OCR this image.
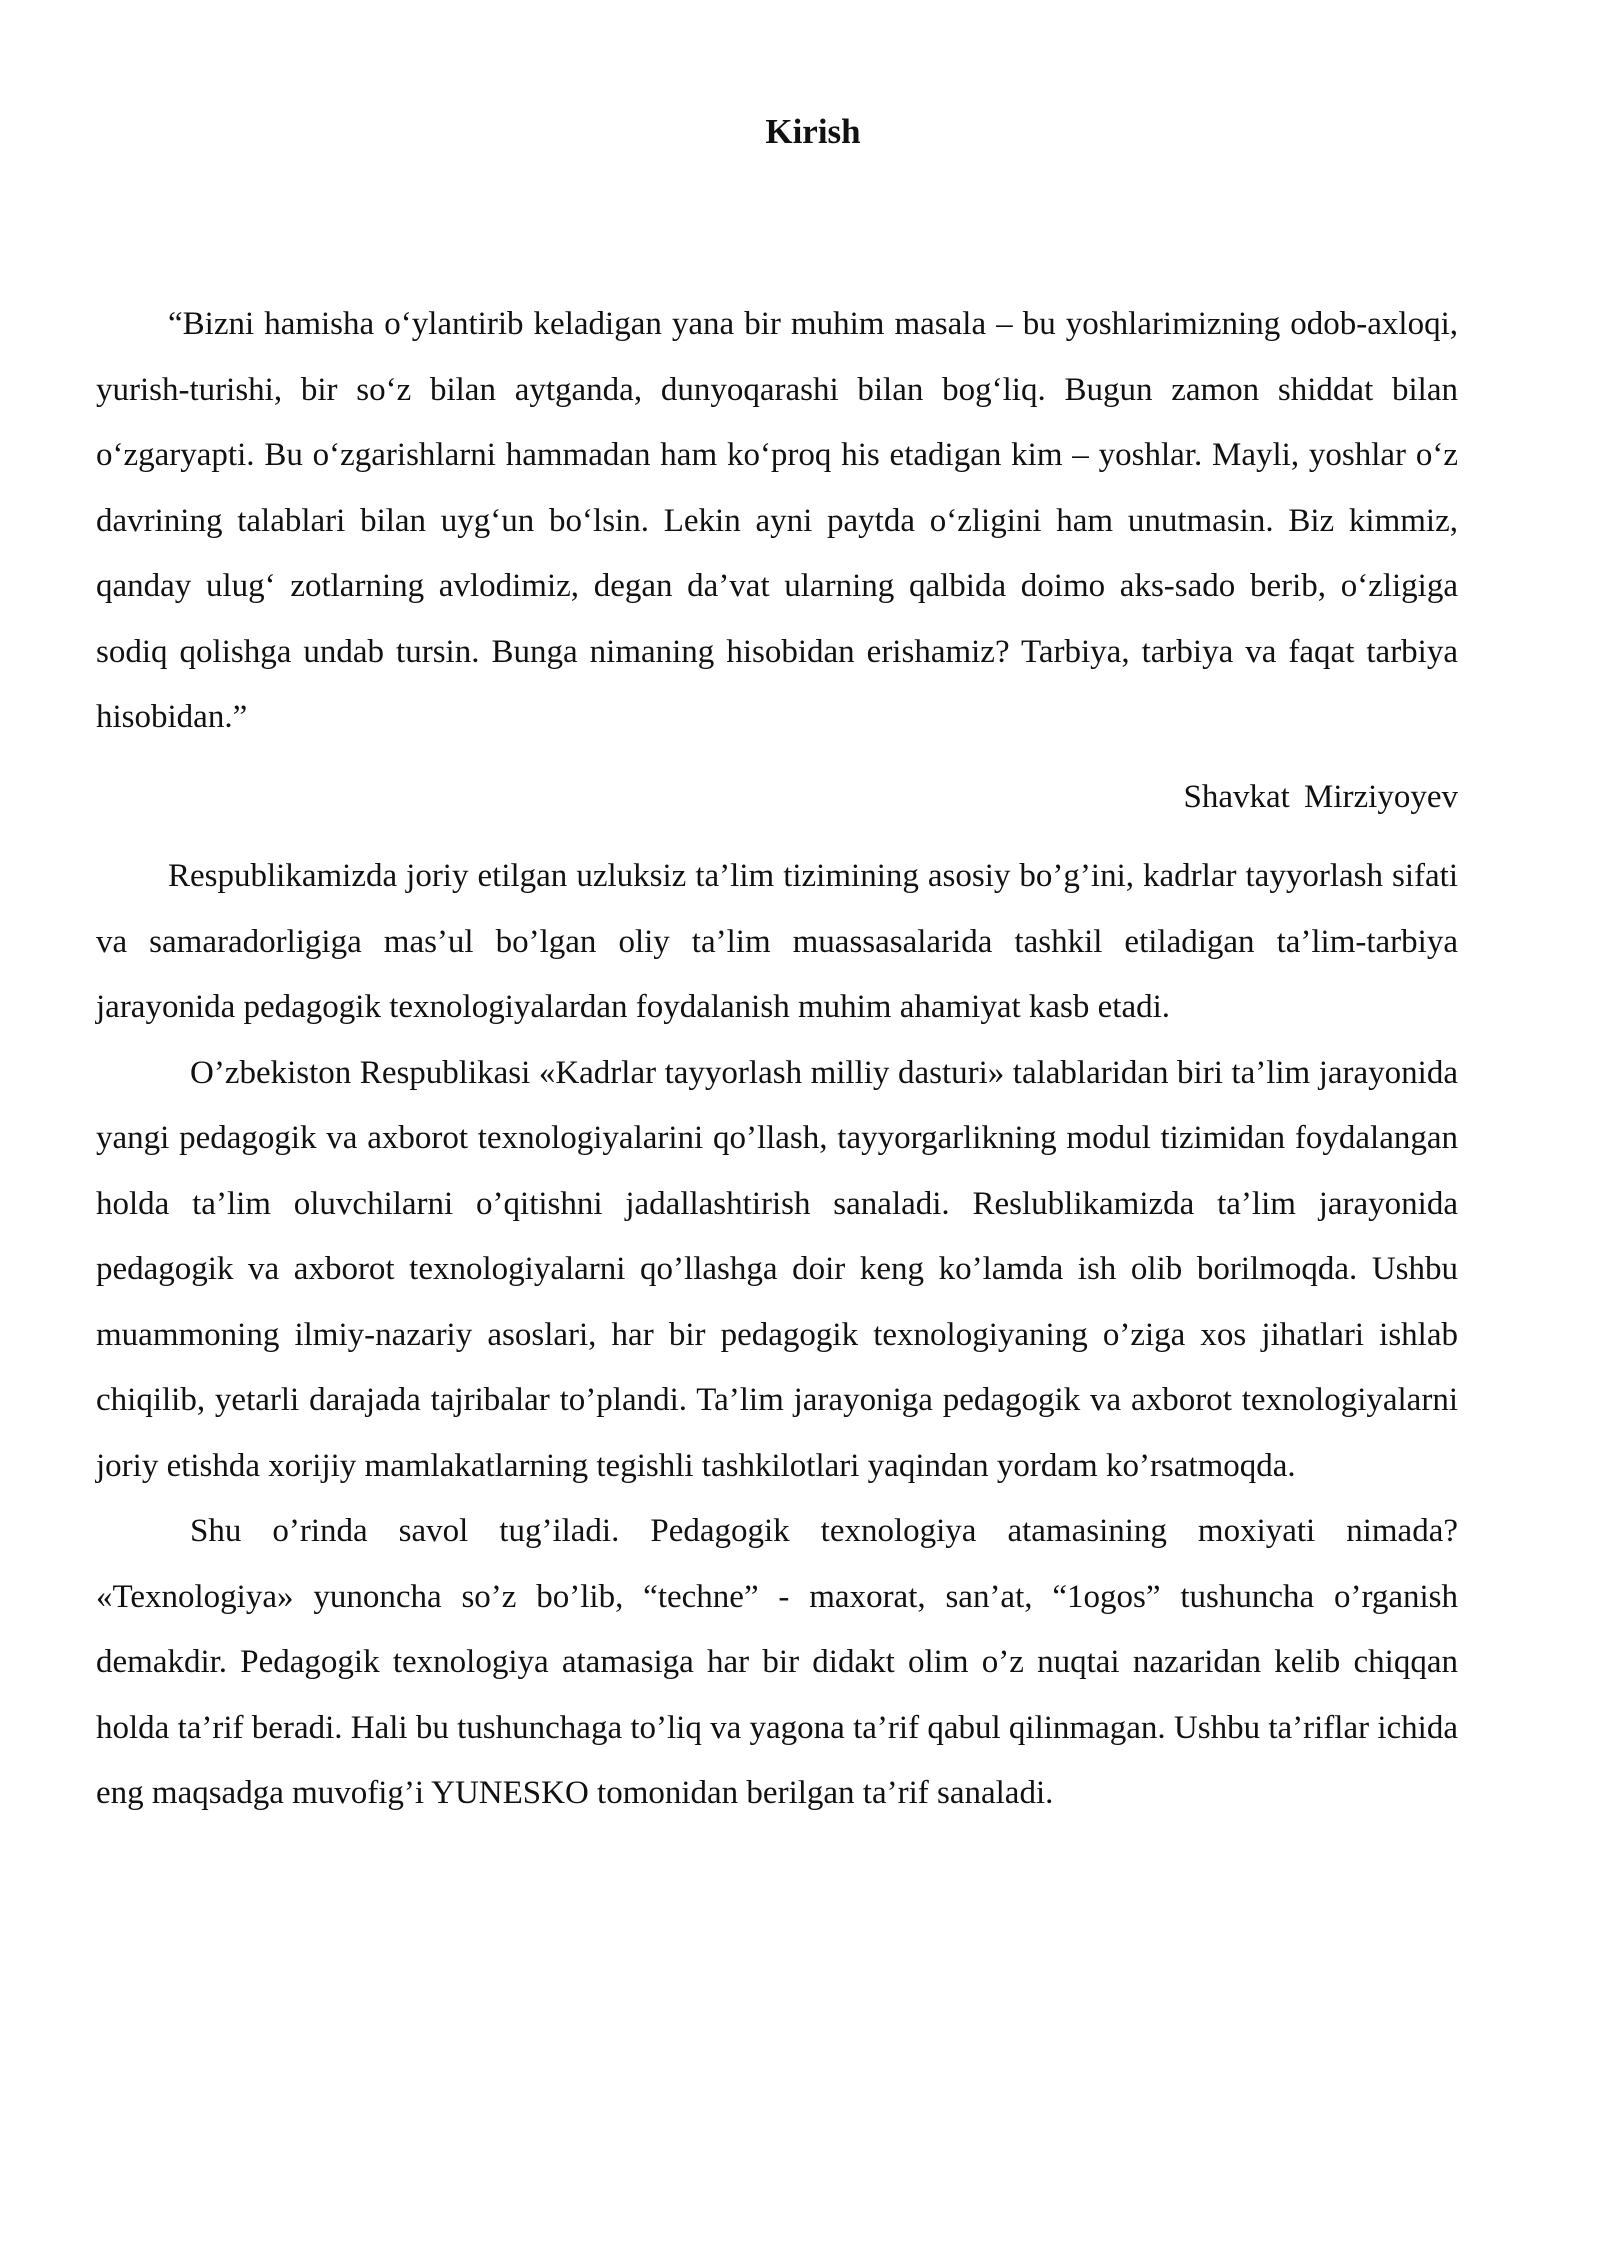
Kirish

“Bizni hamisha o‘ylantirib keladigan yana bir muhim masala – bu yoshlarimizning odob-axloqi, yurish-turishi, bir so‘z bilan aytganda, dunyoqarashi bilan bog‘liq. Bugun zamon shiddat bilan o‘zgaryapti. Bu o‘zgarishlarni hammadan ham ko‘proq his etadigan kim – yoshlar. Mayli, yoshlar o‘z davrining talablari bilan uyg‘un bo‘lsin. Lekin ayni paytda o‘zligini ham unutmasin. Biz kimmiz, qanday ulug‘ zotlarning avlodimiz, degan da’vat ularning qalbida doimo aks-sado berib, o‘zligiga sodiq qolishga undab tursin. Bunga nimaning hisobidan erishamiz? Tarbiya, tarbiya va faqat tarbiya hisobidan.”

Shavkat Mirziyoyev

Respublikamizda joriy etilgan uzluksiz ta’lim tizimining asosiy bo’g’ini, kadrlar tayyorlash sifati va samaradorligiga mas’ul bo’lgan oliy ta’lim muassasalarida tashkil etiladigan ta’lim-tarbiya jarayonida pedagogik texnologiyalardan foydalanish muhim ahamiyat kasb etadi.

O’zbekiston Respublikasi «Kadrlar tayyorlash milliy dasturi» talablaridan biri ta’lim jarayonida yangi pedagogik va axborot texnologiyalarini qo’llash, tayyorgarlikning modul tizimidan foydalangan holda ta’lim oluvchilarni o’qitishni jadallashtirish sanaladi. Reslublikamizda ta’lim jarayonida pedagogik va axborot texnologiyalarni qo’llashga doir keng ko’lamda ish olib borilmoqda. Ushbu muammoning ilmiy-nazariy asoslari, har bir pedagogik texnologiyaning o’ziga xos jihatlari ishlab chiqilib, yetarli darajada tajribalar to’plandi. Ta’lim jarayoniga pedagogik va axborot texnologiyalarni joriy etishda xorijiy mamlakatlarning tegishli tashkilotlari yaqindan yordam ko’rsatmoqda.

Shu o’rinda savol tug’iladi. Pedagogik texnologiya atamasining moxiyati nimada? «Texnologiya» yunoncha so’z bo’lib, “techne” - maxorat, san’at, “1ogos” tushuncha o’rganish demakdir. Pedagogik texnologiya atamasiga har bir didakt olim o’z nuqtai nazaridan kelib chiqqan holda ta’rif beradi. Hali bu tushunchaga to’liq va yagona ta’rif qabul qilinmagan. Ushbu ta’riflar ichida eng maqsadga muvofig’i YUNESKO tomonidan berilgan ta’rif sanaladi.
